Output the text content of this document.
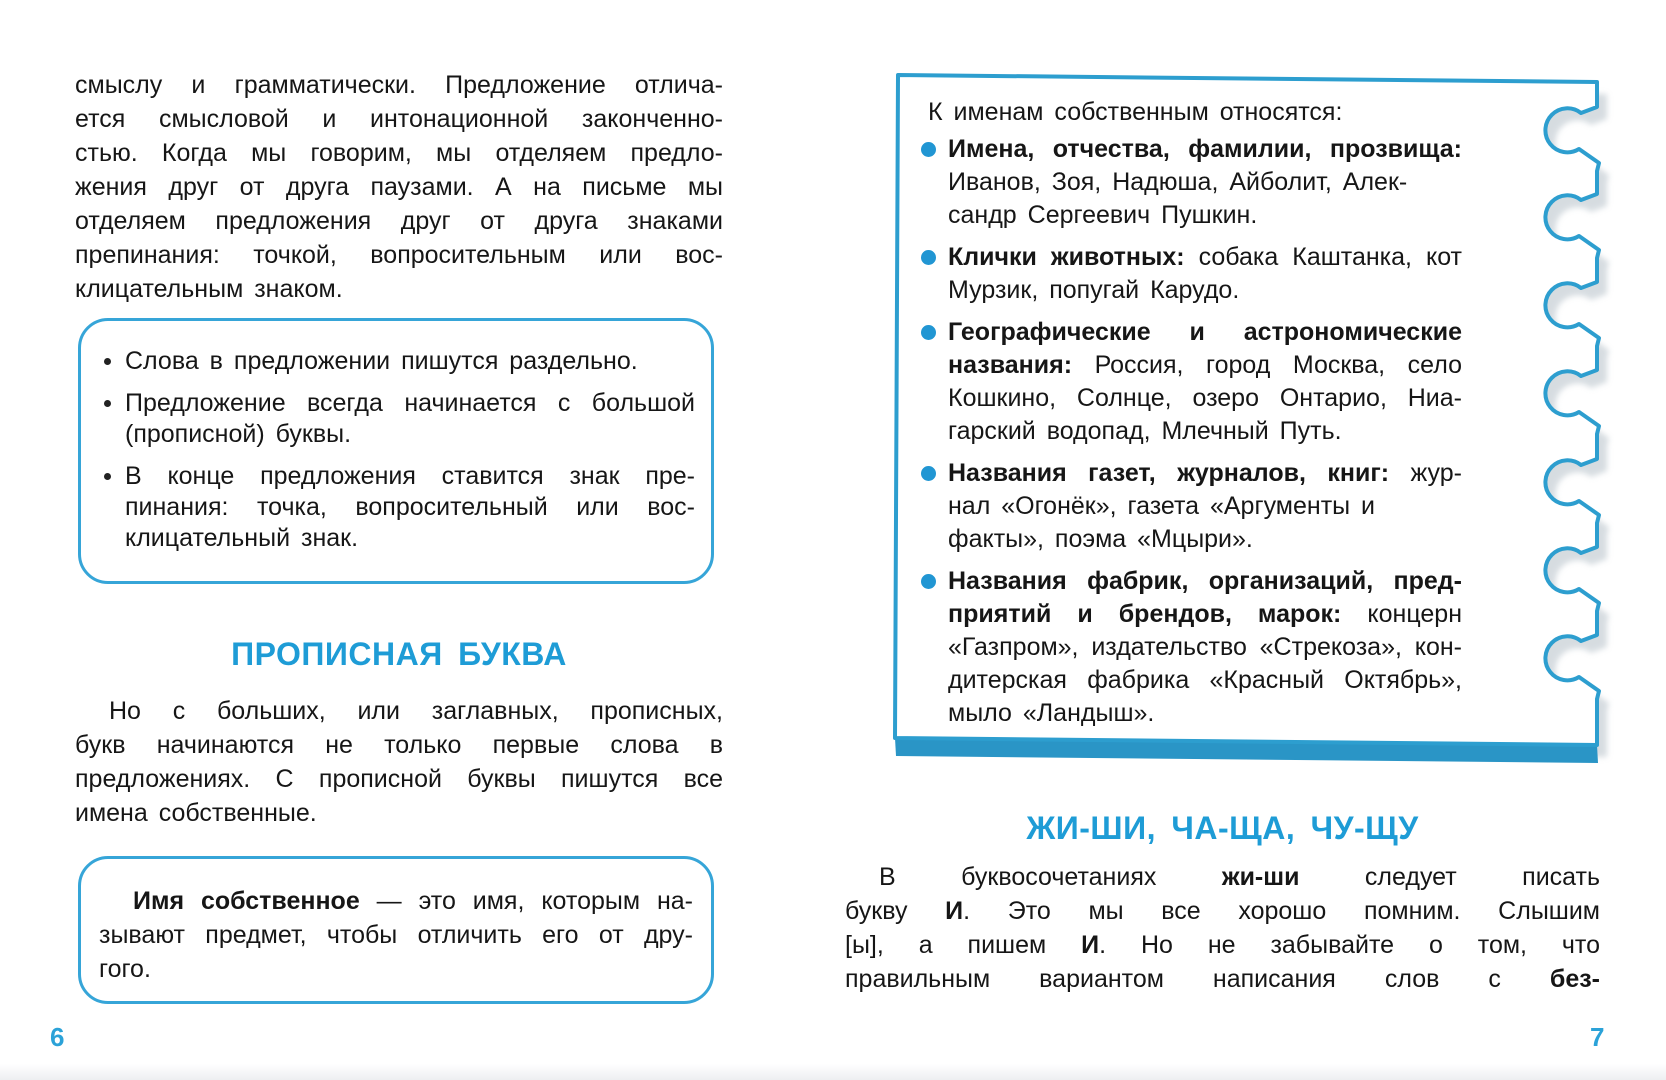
смыслу и грамматически. Предложение отлича-
ется смысловой и интонационной законченно-
стью. Когда мы говорим, мы отделяем предло-
жения друг от друга паузами. А на письме мы
отделяем предложения друг от друга знаками
препинания: точкой, вопросительным или вос-
клицательным знаком.
Слова в предложении пишутся раздельно.
Предложение всегда начинается с большой
(прописной) буквы.
В конце предложения ставится знак пре-
пинания: точка, вопросительный или вос-
клицательный знак.
ПРОПИСНАЯ БУКВА
Но с больших, или заглавных, прописных,
букв начинаются не только первые слова в
предложениях. С прописной буквы пишутся все
имена собственные.
Имя собственное — это имя, которым на-
зывают предмет, чтобы отличить его от дру-
гого.
6
К именам собственным относятся:
Имена, отчества, фамилии, прозвища:
Иванов, Зоя, Надюша, Айболит, Алек-
сандр Сергеевич Пушкин.
Клички животных: собака Каштанка, кот
Мурзик, попугай Карудо.
Географические и астрономические
названия: Россия, город Москва, село
Кошкино, Солнце, озеро Онтарио, Ниа-
гарский водопад, Млечный Путь.
Названия газет, журналов, книг: жур-
нал «Огонёк», газета «Аргументы и
факты», поэма «Мцыри».
Названия фабрик, организаций, пред-
приятий и брендов, марок: концерн
«Газпром», издательство «Стрекоза», кон-
дитерская фабрика «Красный Октябрь»,
мыло «Ландыш».
ЖИ-ШИ, ЧА-ЩА, ЧУ-ЩУ
В буквосочетаниях жи-ши следует писать
букву И. Это мы все хорошо помним. Слышим
[ы], а пишем И. Но не забывайте о том, что
правильным вариантом написания слов с без-
7
